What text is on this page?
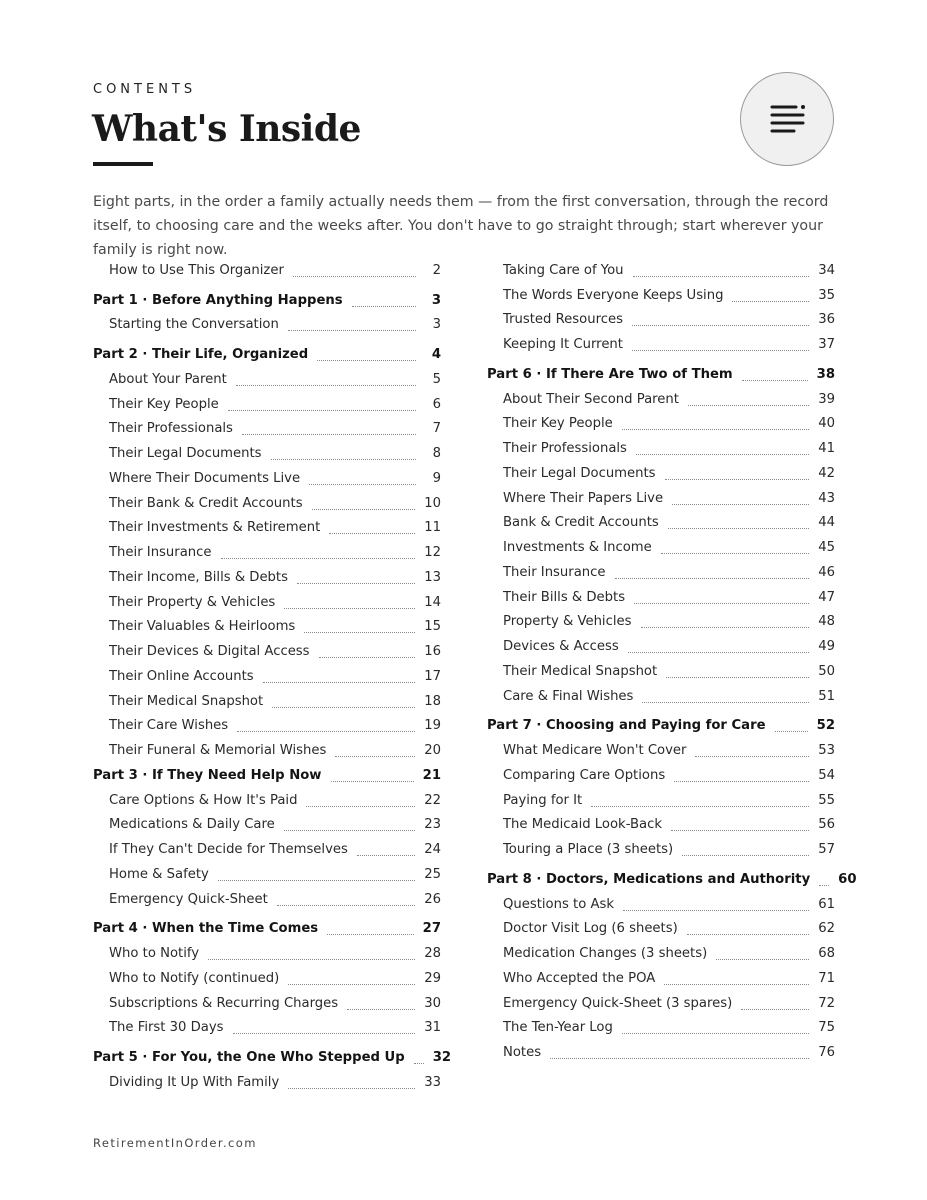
CONTENTS
What's Inside

Eight parts, in the order a family actually needs them — from the first conversation, through the record itself, to choosing care and the weeks after. You don't have to go straight through; start wherever your family is right now.

How to Use This Organizer	2
Part 1 · Before Anything Happens	3
Starting the Conversation	3
Part 2 · Their Life, Organized	4
About Your Parent	5
Their Key People	6
Their Professionals	7
Their Legal Documents	8
Where Their Documents Live	9
Their Bank & Credit Accounts	10
Their Investments & Retirement	11
Their Insurance	12
Their Income, Bills & Debts	13
Their Property & Vehicles	14
Their Valuables & Heirlooms	15
Their Devices & Digital Access	16
Their Online Accounts	17
Their Medical Snapshot	18
Their Care Wishes	19
Their Funeral & Memorial Wishes	20
Part 3 · If They Need Help Now	21
Care Options & How It's Paid	22
Medications & Daily Care	23
If They Can't Decide for Themselves	24
Home & Safety	25
Emergency Quick-Sheet	26
Part 4 · When the Time Comes	27
Who to Notify	28
Who to Notify (continued)	29
Subscriptions & Recurring Charges	30
The First 30 Days	31
Part 5 · For You, the One Who Stepped Up 32
Dividing It Up With Family	33
Taking Care of You	34
The Words Everyone Keeps Using	35
Trusted Resources	36
Keeping It Current	37
Part 6 · If There Are Two of Them	38
About Their Second Parent	39
Their Key People	40
Their Professionals	41
Their Legal Documents	42
Where Their Papers Live	43
Bank & Credit Accounts	44
Investments & Income	45
Their Insurance	46
Their Bills & Debts	47
Property & Vehicles	48
Devices & Access	49
Their Medical Snapshot	50
Care & Final Wishes	51
Part 7 · Choosing and Paying for Care	52
What Medicare Won't Cover	53
Comparing Care Options	54
Paying for It	55
The Medicaid Look-Back	56
Touring a Place (3 sheets)	57
Part 8 · Doctors, Medications and Authority 60
Questions to Ask	61
Doctor Visit Log (6 sheets)	62
Medication Changes (3 sheets)	68
Who Accepted the POA	71
Emergency Quick-Sheet (3 spares)	72
The Ten-Year Log	75
Notes	76
RetirementInOrder.com
